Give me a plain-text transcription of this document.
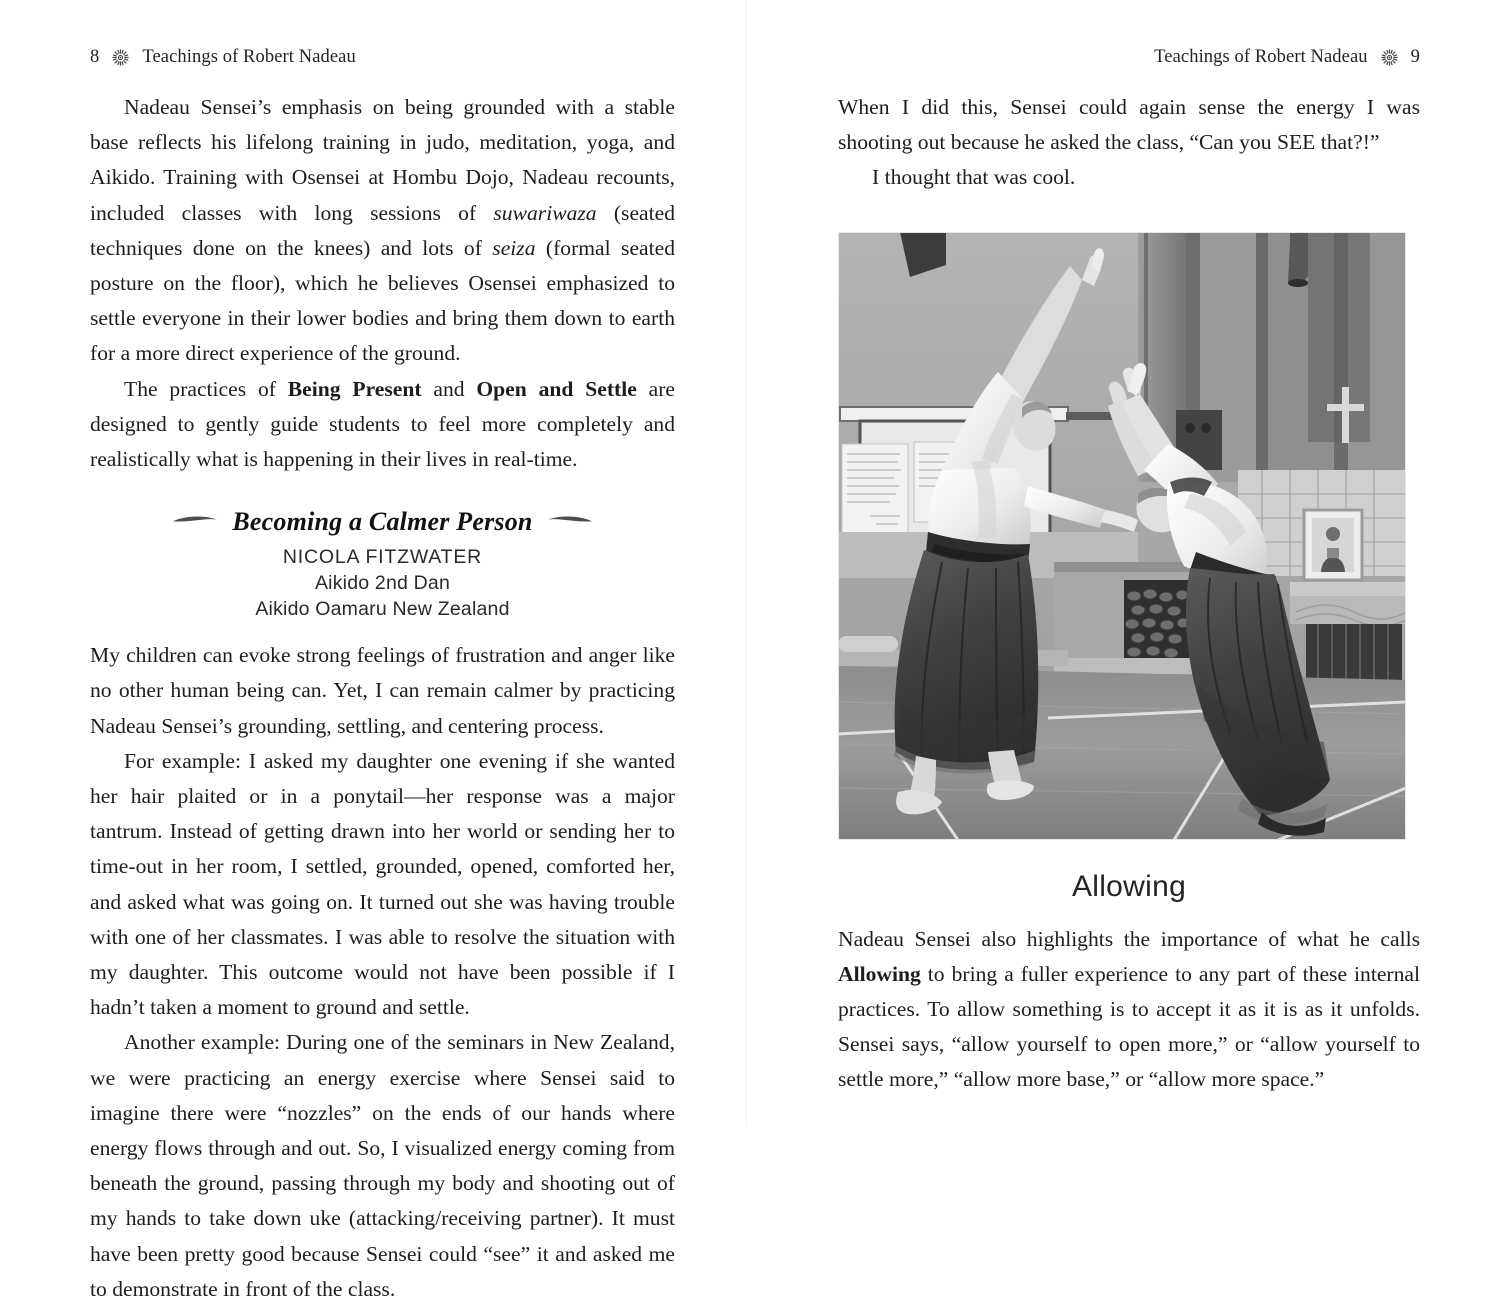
8 Teachings of Robert Nadeau

Nadeau Sensei’s emphasis on being grounded with a stable base reflects his lifelong training in judo, meditation, yoga, and Aikido. Training with Osensei at Hombu Dojo, Nadeau recounts, included classes with long sessions of suwariwaza (seated techniques done on the knees) and lots of seiza (formal seated posture on the floor), which he believes Osensei emphasized to settle everyone in their lower bodies and bring them down to earth for a more direct experience of the ground.

The practices of Being Present and Open and Settle are designed to gently guide students to feel more completely and realistically what is happening in their lives in real-time.

Becoming a Calmer Person
NICOLA FITZWATER
Aikido 2nd Dan
Aikido Oamaru New Zealand

My children can evoke strong feelings of frustration and anger like no other human being can. Yet, I can remain calmer by practicing Nadeau Sensei’s grounding, settling, and centering process.

For example: I asked my daughter one evening if she wanted her hair plaited or in a ponytail—her response was a major tantrum. Instead of getting drawn into her world or sending her to time-out in her room, I settled, grounded, opened, comforted her, and asked what was going on. It turned out she was having trouble with one of her classmates. I was able to resolve the situation with my daughter. This outcome would not have been possible if I hadn’t taken a moment to ground and settle.

Another example: During one of the seminars in New Zealand, we were practicing an energy exercise where Sensei said to imagine there were “nozzles” on the ends of our hands where energy flows through and out. So, I visualized energy coming from beneath the ground, passing through my body and shooting out of my hands to take down uke (attacking/receiving partner). It must have been pretty good because Sensei could “see” it and asked me to demonstrate in front of the class.

Teachings of Robert Nadeau 9

When I did this, Sensei could again sense the energy I was shooting out because he asked the class, “Can you SEE that?!”

I thought that was cool.

Allowing

Nadeau Sensei also highlights the importance of what he calls Allowing to bring a fuller experience to any part of these internal practices. To allow something is to accept it as it is as it unfolds. Sensei says, “allow yourself to open more,” or “allow yourself to settle more,” “allow more base,” or “allow more space.”
